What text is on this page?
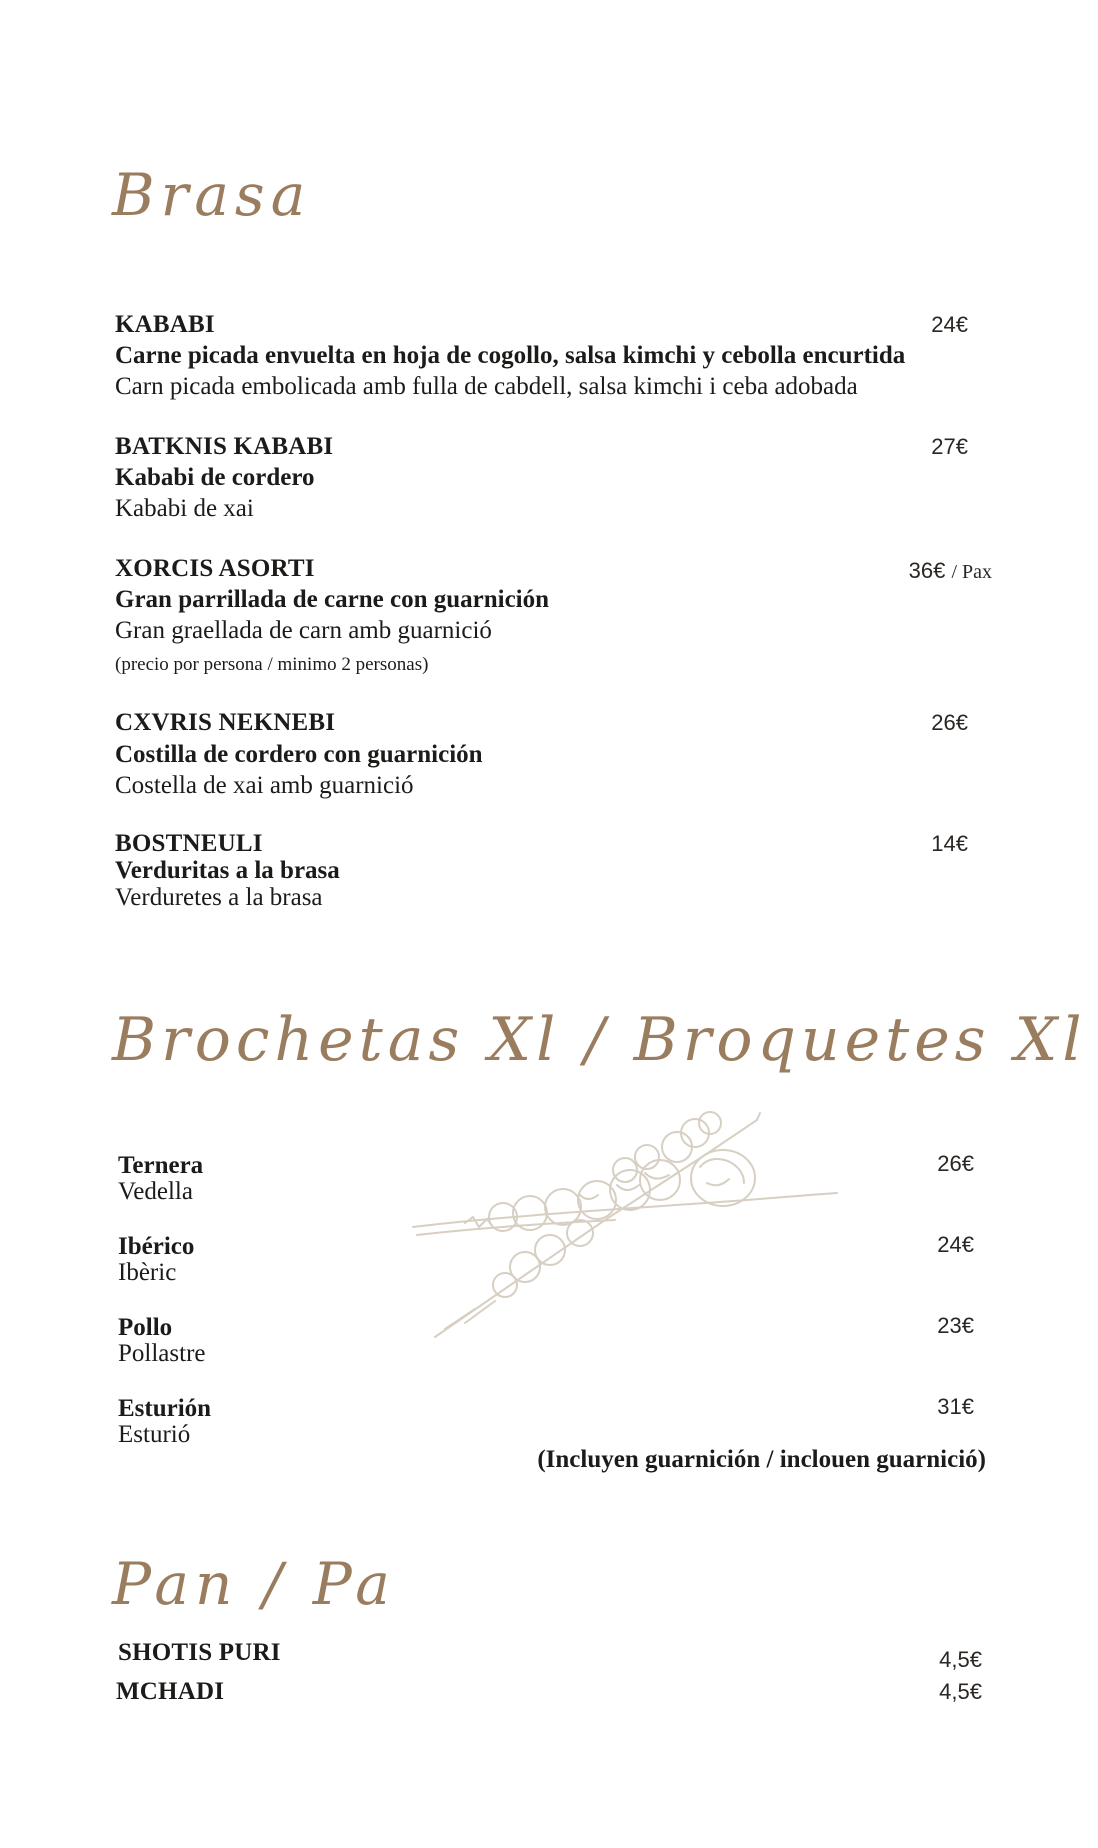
Brasa
KABABI
Carne picada envuelta en hoja de cogollo, salsa kimchi y cebolla encurtida
Carn picada embolicada amb fulla de cabdell, salsa kimchi i ceba adobada
24€
BATKNIS KABABI
Kababi de cordero
Kababi de xai
27€
XORCIS ASORTI
Gran parrillada de carne con guarnición
Gran graellada de carn amb guarnició
(precio por persona / minimo 2 personas)
36€ / Pax
CXVRIS NEKNEBI
Costilla de cordero con guarnición
Costella de xai amb guarnició
26€
BOSTNEULI
Verduritas a la brasa
Verduretes a la brasa
14€
Brochetas Xl / Broquetes Xl
Ternera
Vedella
26€
Ibérico
Ibèric
24€
Pollo
Pollastre
23€
Esturión
Esturió
31€
(Incluyen guarnición / inclouen guarnició)
Pan / Pa
SHOTIS PURI	4,5€
MCHADI	4,5€
